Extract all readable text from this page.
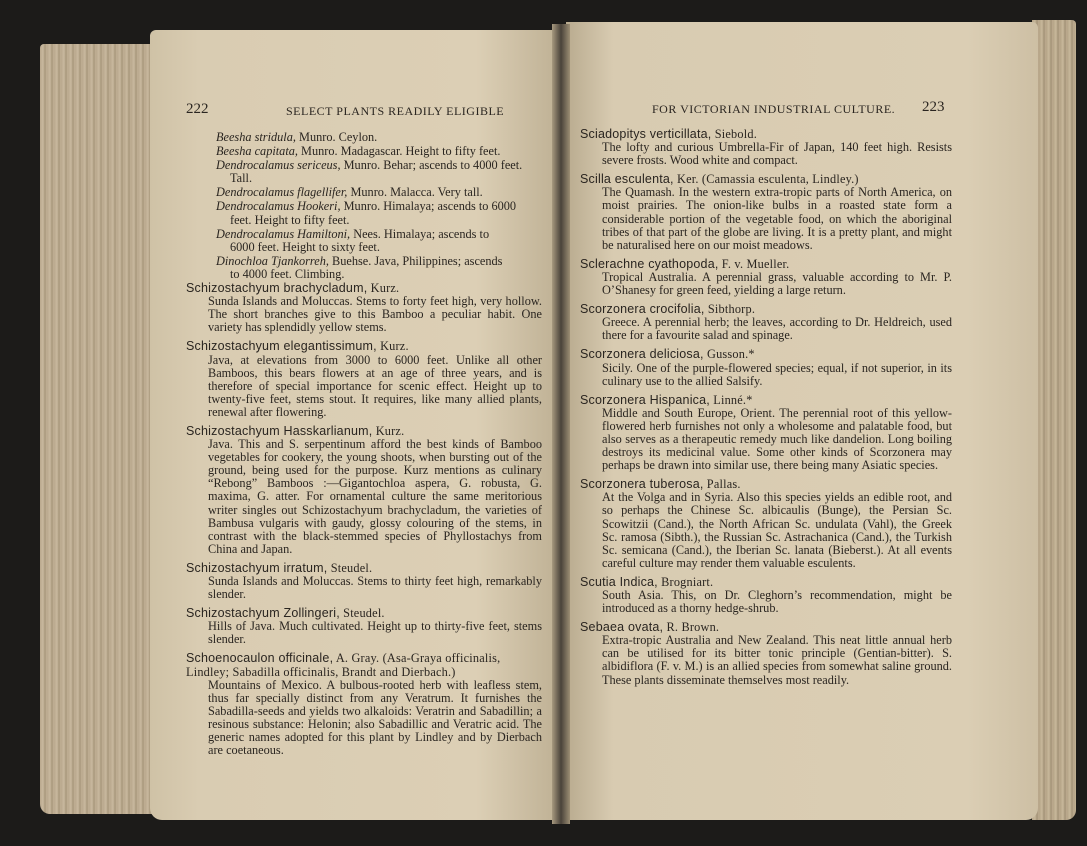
222	SELECT PLANTS READILY ELIGIBLE	FOR VICTORIAN INDUSTRIAL CULTURE. 223
Beesha stridula, Munro. Ceylon.
Beesha capitata, Munro. Madagascar. Height to fifty feet.
Dendrocalamus sericeus, Munro. Behar; ascends to 4000 feet.
Tall.
Dendrocalamus flagellifer, Munro. Malacca. Very tall.
Dendrocalamus Hookeri, Munro. Himalaya; ascends to 6000
feet. Height to fifty feet.
Dendrocalamus Hamiltoni, Nees. Himalaya; ascends to
6000 feet. Height to sixty feet.
Dinochloa Tjankorreh, Buehse. Java, Philippines; ascends
to 4000 feet. Climbing.
Schizostachyum brachycladum, Kurz.
Sunda Islands and Moluccas. Stems to forty feet high, very hollow. The short branches give to this Bamboo a peculiar habit. One variety has splendidly yellow stems.
Schizostachyum elegantissimum, Kurz.
Java, at elevations from 3000 to 6000 feet. Unlike all other Bamboos, this bears flowers at an age of three years, and is therefore of special importance for scenic effect. Height up to twenty-five feet, stems stout. It requires, like many allied plants, renewal after flowering.
Schizostachyum Hasskarlianum, Kurz.
Java. This and S. serpentinum afford the best kinds of Bamboo vegetables for cookery, the young shoots, when bursting out of the ground, being used for the purpose. Kurz mentions as culinary “Rebong” Bamboos :—Gigantochloa aspera, G. robusta, G. maxima, G. atter. For ornamental culture the same meritorious writer singles out Schizostachyum brachycladum, the varieties of Bambusa vulgaris with gaudy, glossy colouring of the stems, in contrast with the black-stemmed species of Phyllostachys from China and Japan.
Schizostachyum irratum, Steudel.
Sunda Islands and Moluccas. Stems to thirty feet high, remarkably slender.
Schizostachyum Zollingeri, Steudel.
Hills of Java. Much cultivated. Height up to thirty-five feet, stems slender.
Schoenocaulon officinale, A. Gray. (Asa-Graya officinalis, Lindley; Sabadilla officinalis, Brandt and Dierbach.)
Mountains of Mexico. A bulbous-rooted herb with leafless stem, thus far specially distinct from any Veratrum. It furnishes the Sabadilla-seeds and yields two alkaloids: Veratrin and Sabadillin; a resinous substance: Helonin; also Sabadillic and Veratric acid. The generic names adopted for this plant by Lindley and by Dierbach are coetaneous.
Sciadopitys verticillata, Siebold.
The lofty and curious Umbrella-Fir of Japan, 140 feet high. Resists severe frosts. Wood white and compact.
Scilla esculenta, Ker. (Camassia esculenta, Lindley.)
The Quamash. In the western extra-tropic parts of North America, on moist prairies. The onion-like bulbs in a roasted state form a considerable portion of the vegetable food, on which the aboriginal tribes of that part of the globe are living. It is a pretty plant, and might be naturalised here on our moist meadows.
Sclerachne cyathopoda, F. v. Mueller.
Tropical Australia. A perennial grass, valuable according to Mr. P. O’Shanesy for green feed, yielding a large return.
Scorzonera crocifolia, Sibthorp.
Greece. A perennial herb; the leaves, according to Dr. Heldreich, used there for a favourite salad and spinage.
Scorzonera deliciosa, Gusson.*
Sicily. One of the purple-flowered species; equal, if not superior, in its culinary use to the allied Salsify.
Scorzonera Hispanica, Linné.*
Middle and South Europe, Orient. The perennial root of this yellow-flowered herb furnishes not only a wholesome and palatable food, but also serves as a therapeutic remedy much like dandelion. Long boiling destroys its medicinal value. Some other kinds of Scorzonera may perhaps be drawn into similar use, there being many Asiatic species.
Scorzonera tuberosa, Pallas.
At the Volga and in Syria. Also this species yields an edible root, and so perhaps the Chinese Sc. albicaulis (Bunge), the Persian Sc. Scowitzii (Cand.), the North African Sc. undulata (Vahl), the Greek Sc. ramosa (Sibth.), the Russian Sc. Astrachanica (Cand.), the Turkish Sc. semicana (Cand.), the Iberian Sc. lanata (Bieberst.). At all events careful culture may render them valuable esculents.
Scutia Indica, Brogniart.
South Asia. This, on Dr. Cleghorn’s recommendation, might be introduced as a thorny hedge-shrub.
Sebaea ovata, R. Brown.
Extra-tropic Australia and New Zealand. This neat little annual herb can be utilised for its bitter tonic principle (Gentian-bitter). S. albidiflora (F. v. M.) is an allied species from somewhat saline ground. These plants disseminate themselves most readily.
